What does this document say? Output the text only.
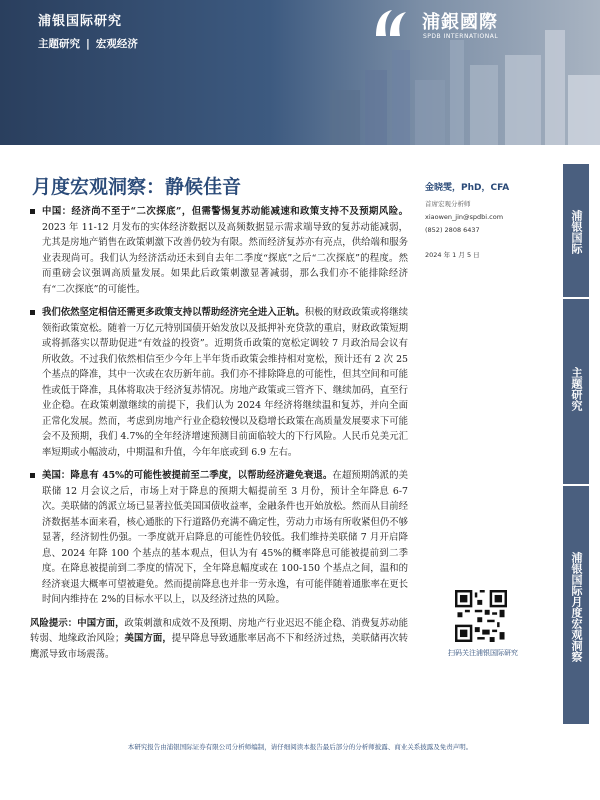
浦银国际研究
主题研究 | 宏观经济
浦銀國際
SPDB INTERNATIONAL
月度宏观洞察：静候佳音

中国：经济尚不至于“二次探底”，但需警惕复苏动能减速和政策支持不及预期风险。2023 年 11-12 月发布的实体经济数据以及高频数据显示需求端导致的复苏动能减弱，尤其是房地产销售在政策刺激下改善仍较为有限。然而经济复苏亦有亮点，供给端和服务业表现尚可。我们认为经济活动还未到自去年二季度“探底”之后“二次探底”的程度。然而重磅会议强调高质量发展。如果此后政策刺激显著减弱，那么我们亦不能排除经济有“二次探底”的可能性。

我们依然坚定相信还需更多政策支持以帮助经济完全进入正轨。积极的财政政策或将继续领衔政策宽松。随着一万亿元特别国债开始发放以及抵押补充贷款的重启，财政政策短期或将抓落实以帮助促进“有效益的投资”。近期货币政策的宽松定调较 7 月政治局会议有所收敛。不过我们依然相信至少今年上半年货币政策会维持相对宽松，预计还有 2 次 25 个基点的降准，其中一次或在农历新年前。我们亦不排除降息的可能性，但其空间和可能性或低于降准，具体将取决于经济复苏情况。房地产政策或三管齐下、继续加码，直至行业企稳。在政策刺激继续的前提下，我们认为 2024 年经济将继续温和复苏，并向全面正常化发展。然而，考虑到房地产行业企稳较慢以及稳增长政策在高质量发展要求下可能会不及预期，我们 4.7%的全年经济增速预测目前面临较大的下行风险。人民币兑美元汇率短期或小幅波动，中期温和升值，今年年底或到 6.9 左右。

美国：降息有 45%的可能性被提前至二季度，以帮助经济避免衰退。在超预期鸽派的美联储 12 月会议之后，市场上对于降息的预期大幅提前至 3 月份，预计全年降息 6-7 次。美联储的鸽派立场已显著拉低美国国债收益率，金融条件也开始放松。然而从目前经济数据基本面来看，核心通胀的下行道路仍充满不确定性，劳动力市场有所收紧但仍不够显著，经济韧性仍强。一季度就开启降息的可能性仍较低。我们维持美联储 7 月开启降息、2024 年降 100 个基点的基本观点，但认为有 45%的概率降息可能被提前到二季度。在降息被提前到二季度的情况下，全年降息幅度或在 100-150 个基点之间，温和的经济衰退大概率可望被避免。然而提前降息也并非一劳永逸，有可能伴随着通胀率在更长时间内维持在 2%的目标水平以上，以及经济过热的风险。

风险提示：中国方面，政策刺激和成效不及预期、房地产行业迟迟不能企稳、消费复苏动能转弱、地缘政治风险；美国方面，提早降息导致通胀率居高不下和经济过热，美联储再次转鹰派导致市场震荡。
金晓雯，PhD，CFA
首席宏观分析师
xiaowen_jin@spdbi.com
(852) 2808 6437
2024 年 1 月 5 日
扫码关注浦银国际研究
浦银国际
主题研究
浦银国际月度宏观洞察
本研究报告由浦银国际证券有限公司分析师编制，请仔细阅读本报告最后部分的分析师披露、商业关系披露及免责声明。
